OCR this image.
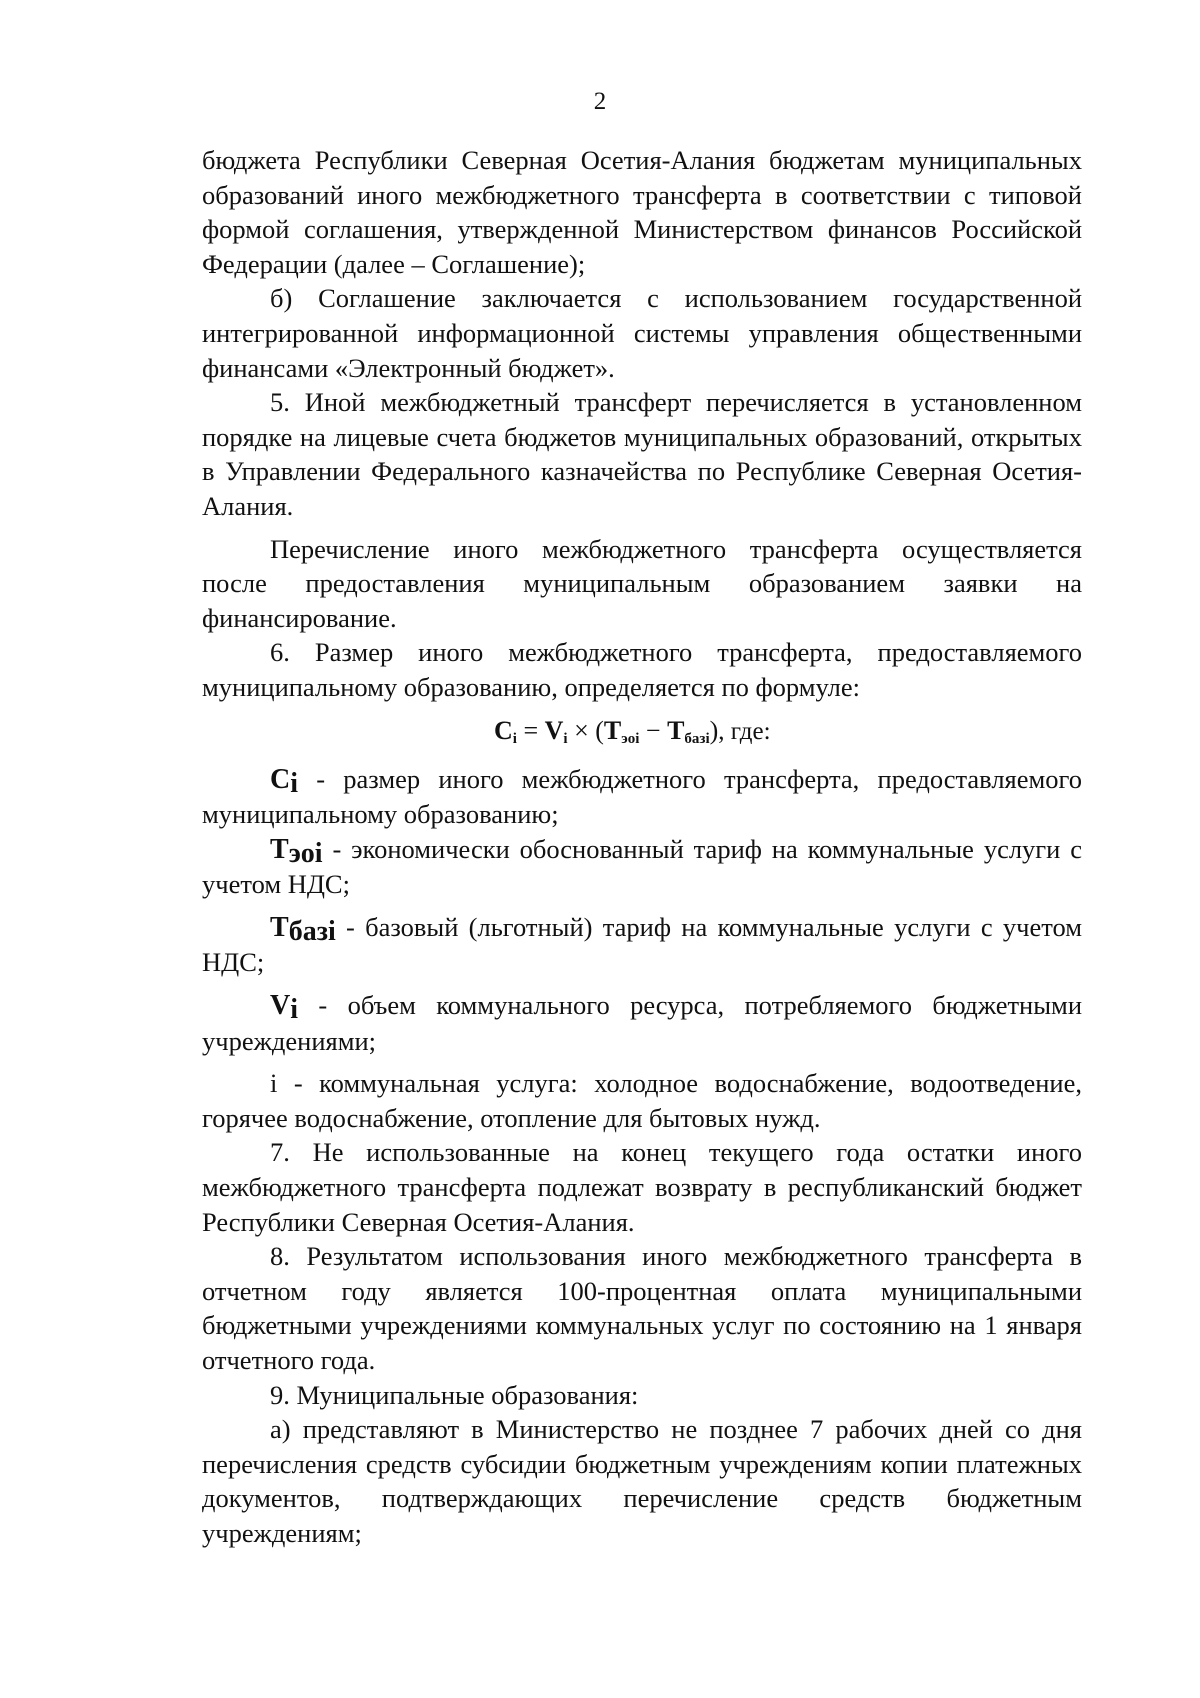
2

бюджета Республики Северная Осетия-Алания бюджетам муниципальных образований иного межбюджетного трансферта в соответствии с типовой формой соглашения, утвержденной Министерством финансов Российской Федерации (далее – Соглашение);

б) Соглашение заключается с использованием государственной интегрированной информационной системы управления общественными финансами «Электронный бюджет».

5. Иной межбюджетный трансферт перечисляется в установленном порядке на лицевые счета бюджетов муниципальных образований, открытых в Управлении Федерального казначейства по Республике Северная Осетия-Алания.

Перечисление иного межбюджетного трансферта осуществляется после предоставления муниципальным образованием заявки на финансирование.

6. Размер иного межбюджетного трансферта, предоставляемого муниципальному образованию, определяется по формуле:

$C_i = V_i \times (T_{эoi} - T_{базi})$, где:

$C_i$ - размер иного межбюджетного трансферта, предоставляемого муниципальному образованию;

$T_{эoi}$ - экономически обоснованный тариф на коммунальные услуги с учетом НДС;

$T_{базi}$ - базовый (льготный) тариф на коммунальные услуги с учетом НДС;

$V_i$ - объем коммунального ресурса, потребляемого бюджетными учреждениями;

i - коммунальная услуга: холодное водоснабжение, водоотведение, горячее водоснабжение, отопление для бытовых нужд.

7. Не использованные на конец текущего года остатки иного межбюджетного трансферта подлежат возврату в республиканский бюджет Республики Северная Осетия-Алания.

8. Результатом использования иного межбюджетного трансферта в отчетном году является 100-процентная оплата муниципальными бюджетными учреждениями коммунальных услуг по состоянию на 1 января отчетного года.

9. Муниципальные образования:

а) представляют в Министерство не позднее 7 рабочих дней со дня перечисления средств субсидии бюджетным учреждениям копии платежных документов, подтверждающих перечисление средств бюджетным учреждениям;
